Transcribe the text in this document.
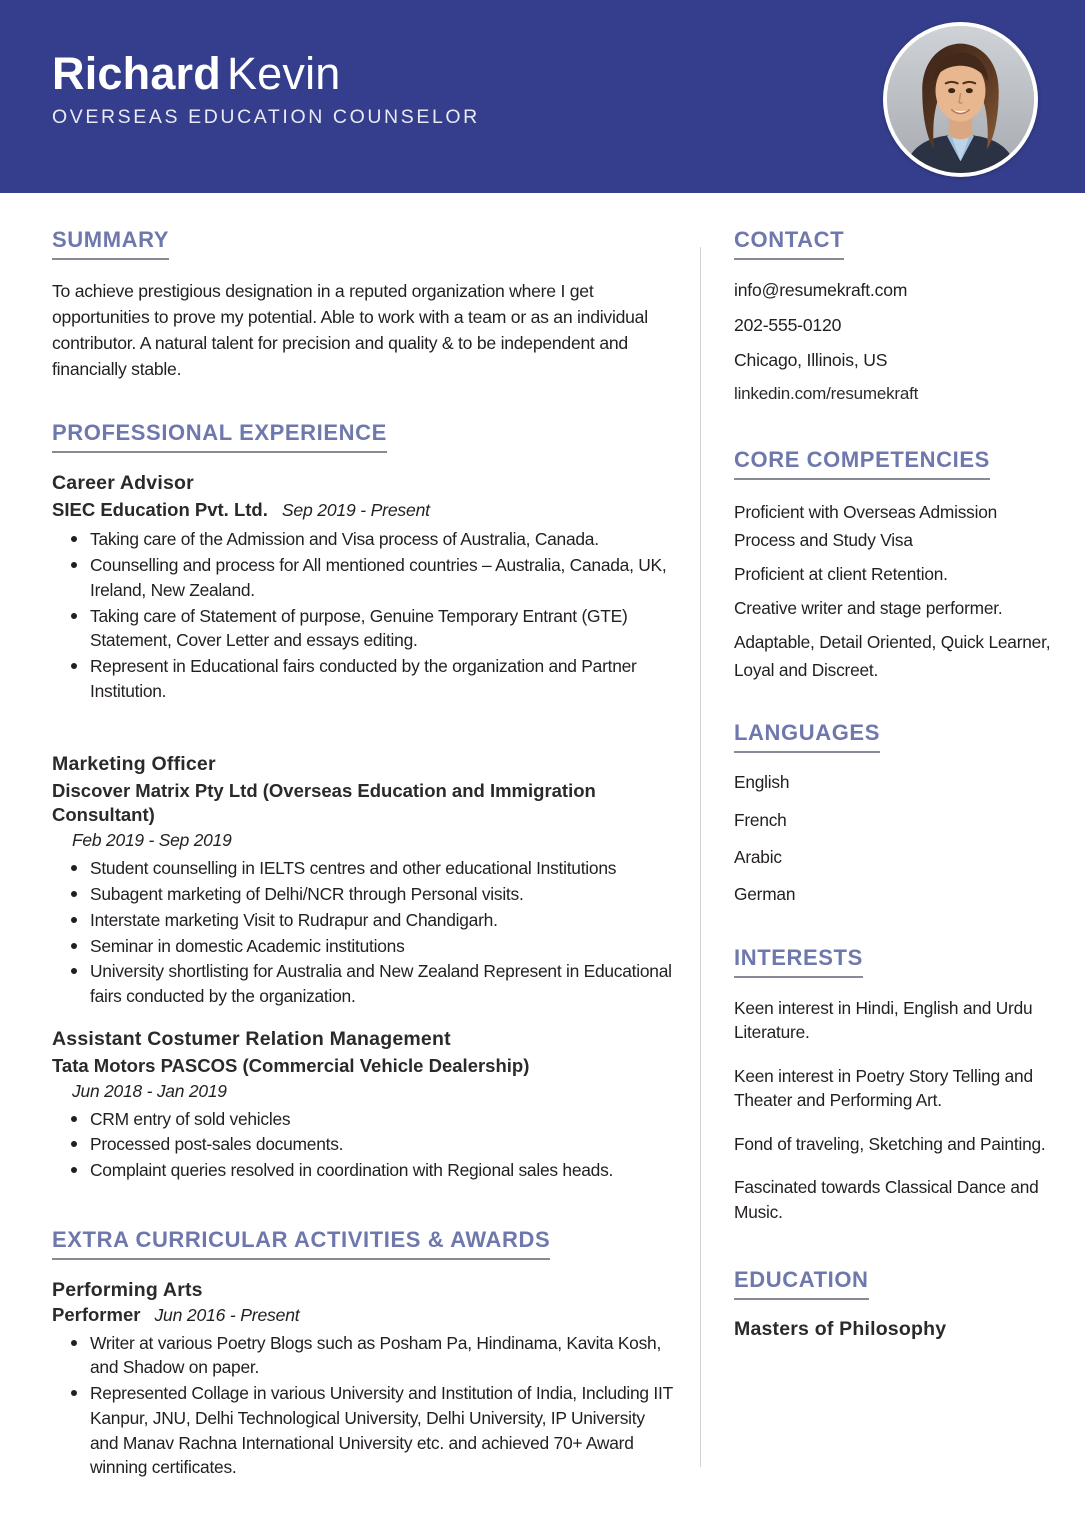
Richard Kevin
OVERSEAS EDUCATION COUNSELOR
SUMMARY
To achieve prestigious designation in a reputed organization where I get opportunities to prove my potential. Able to work with a team or as an individual contributor. A natural talent for precision and quality & to be independent and financially stable.
PROFESSIONAL EXPERIENCE
Career Advisor
SIEC Education Pvt. Ltd. Sep 2019 - Present
Taking care of the Admission and Visa process of Australia, Canada.
Counselling and process for All mentioned countries – Australia, Canada, UK, Ireland, New Zealand.
Taking care of Statement of purpose, Genuine Temporary Entrant (GTE) Statement, Cover Letter and essays editing.
Represent in Educational fairs conducted by the organization and Partner Institution.
Marketing Officer
Discover Matrix Pty Ltd (Overseas Education and Immigration Consultant)
Feb 2019 - Sep 2019
Student counselling in IELTS centres and other educational Institutions
Subagent marketing of Delhi/NCR through Personal visits.
Interstate marketing Visit to Rudrapur and Chandigarh.
Seminar in domestic Academic institutions
University shortlisting for Australia and New Zealand Represent in Educational fairs conducted by the organization.
Assistant Costumer Relation Management
Tata Motors PASCOS (Commercial Vehicle Dealership)
Jun 2018 - Jan 2019
CRM entry of sold vehicles
Processed post-sales documents.
Complaint queries resolved in coordination with Regional sales heads.
EXTRA CURRICULAR ACTIVITIES & AWARDS
Performing Arts
Performer Jun 2016 - Present
Writer at various Poetry Blogs such as Posham Pa, Hindinama, Kavita Kosh, and Shadow on paper.
Represented Collage in various University and Institution of India, Including IIT Kanpur, JNU, Delhi Technological University, Delhi University, IP University and Manav Rachna International University etc. and achieved 70+ Award winning certificates.
CONTACT
info@resumekraft.com
202-555-0120
Chicago, Illinois, US
linkedin.com/resumekraft
CORE COMPETENCIES
Proficient with Overseas Admission Process and Study Visa
Proficient at client Retention.
Creative writer and stage performer.
Adaptable, Detail Oriented, Quick Learner, Loyal and Discreet.
LANGUAGES
English
French
Arabic
German
INTERESTS
Keen interest in Hindi, English and Urdu Literature.
Keen interest in Poetry Story Telling and Theater and Performing Art.
Fond of traveling, Sketching and Painting.
Fascinated towards Classical Dance and Music.
EDUCATION
Masters of Philosophy
